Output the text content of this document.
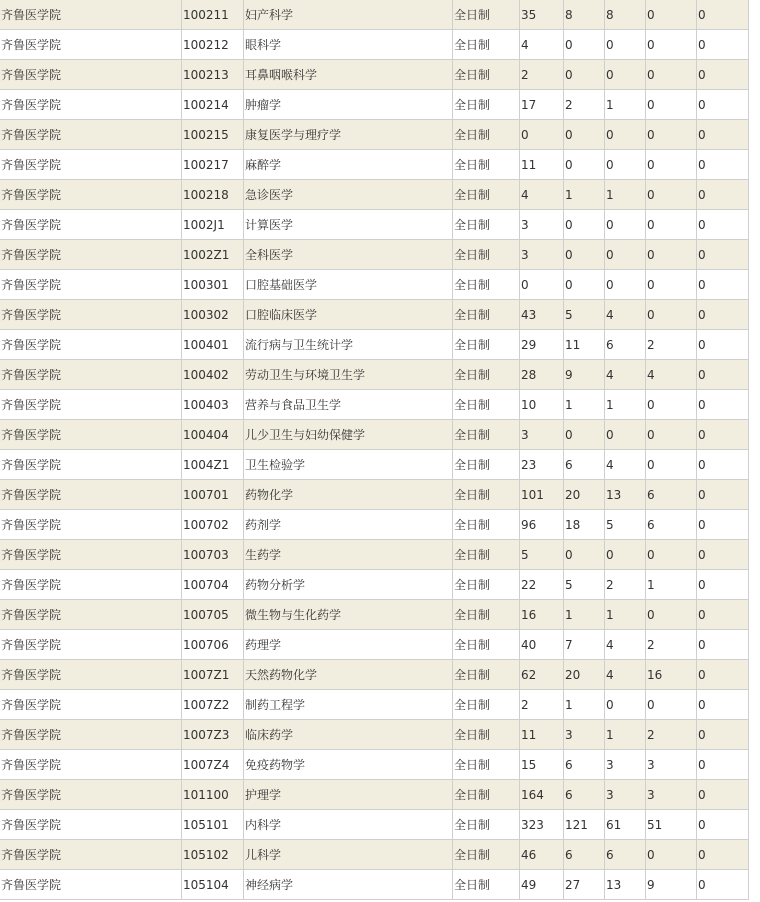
齐鲁医学院	100211	妇产科学	全日制	35	8	8	0	0
齐鲁医学院	100212	眼科学	全日制	4	0	0	0	0
齐鲁医学院	100213	耳鼻咽喉科学	全日制	2	0	0	0	0
齐鲁医学院	100214	肿瘤学	全日制	17	2	1	0	0
齐鲁医学院	100215	康复医学与理疗学	全日制	0	0	0	0	0
齐鲁医学院	100217	麻醉学	全日制	11	0	0	0	0
齐鲁医学院	100218	急诊医学	全日制	4	1	1	0	0
齐鲁医学院	1002J1	计算医学	全日制	3	0	0	0	0
齐鲁医学院	1002Z1	全科医学	全日制	3	0	0	0	0
齐鲁医学院	100301	口腔基础医学	全日制	0	0	0	0	0
齐鲁医学院	100302	口腔临床医学	全日制	43	5	4	0	0
齐鲁医学院	100401	流行病与卫生统计学	全日制	29	11	6	2	0
齐鲁医学院	100402	劳动卫生与环境卫生学	全日制	28	9	4	4	0
齐鲁医学院	100403	营养与食品卫生学	全日制	10	1	1	0	0
齐鲁医学院	100404	儿少卫生与妇幼保健学	全日制	3	0	0	0	0
齐鲁医学院	1004Z1	卫生检验学	全日制	23	6	4	0	0
齐鲁医学院	100701	药物化学	全日制	101	20	13	6	0
齐鲁医学院	100702	药剂学	全日制	96	18	5	6	0
齐鲁医学院	100703	生药学	全日制	5	0	0	0	0
齐鲁医学院	100704	药物分析学	全日制	22	5	2	1	0
齐鲁医学院	100705	微生物与生化药学	全日制	16	1	1	0	0
齐鲁医学院	100706	药理学	全日制	40	7	4	2	0
齐鲁医学院	1007Z1	天然药物化学	全日制	62	20	4	16	0
齐鲁医学院	1007Z2	制药工程学	全日制	2	1	0	0	0
齐鲁医学院	1007Z3	临床药学	全日制	11	3	1	2	0
齐鲁医学院	1007Z4	免疫药物学	全日制	15	6	3	3	0
齐鲁医学院	101100	护理学	全日制	164	6	3	3	0
齐鲁医学院	105101	内科学	全日制	323	121	61	51	0
齐鲁医学院	105102	儿科学	全日制	46	6	6	0	0
齐鲁医学院	105104	神经病学	全日制	49	27	13	9	0
